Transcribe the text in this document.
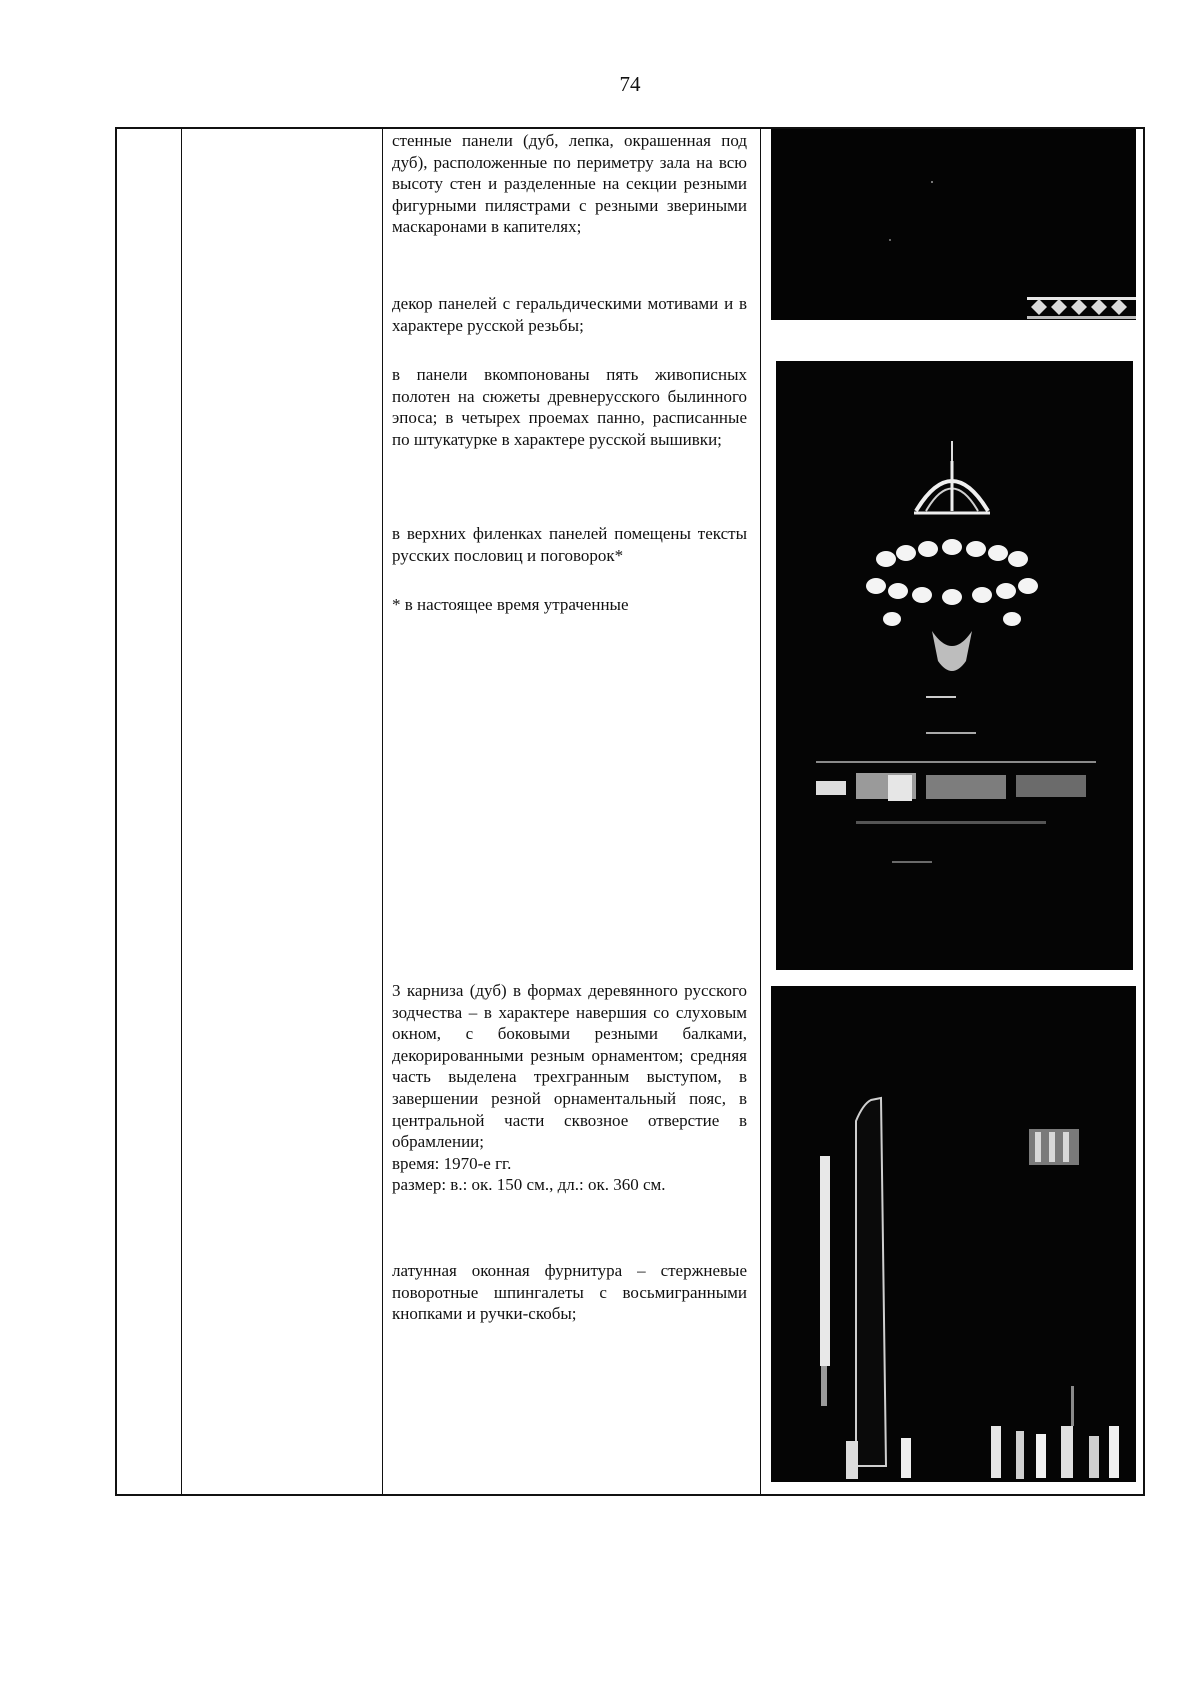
74

стенные панели (дуб, лепка, окрашенная под дуб), расположенные по периметру зала на всю высоту стен и разделенные на секции резными фигурными пилястрами с резными звериными маскаронами в капителях;

декор панелей с геральдическими мотивами и в характере русской резьбы;

в панели вкомпонованы пять живописных полотен на сюжеты древнерусского былинного эпоса; в четырех проемах панно, расписанные по штукатурке в характере русской вышивки;

в верхних филенках панелей помещены тексты русских пословиц и поговорок*

* в настоящее время утраченные

3 карниза (дуб) в формах деревянного русского зодчества – в характере навершия со слуховым окном, с боковыми резными балками, декорированными резным орнаментом; средняя часть выделена трехгранным выступом, в завершении резной орнаментальный пояс, в центральной части сквозное отверстие в обрамлении;

время: 1970-е гг.

размер: в.: ок. 150 см., дл.: ок. 360 см.

латунная оконная фурнитура – стержневые поворотные шпингалеты с восьмигранными кнопками и ручки-скобы;
